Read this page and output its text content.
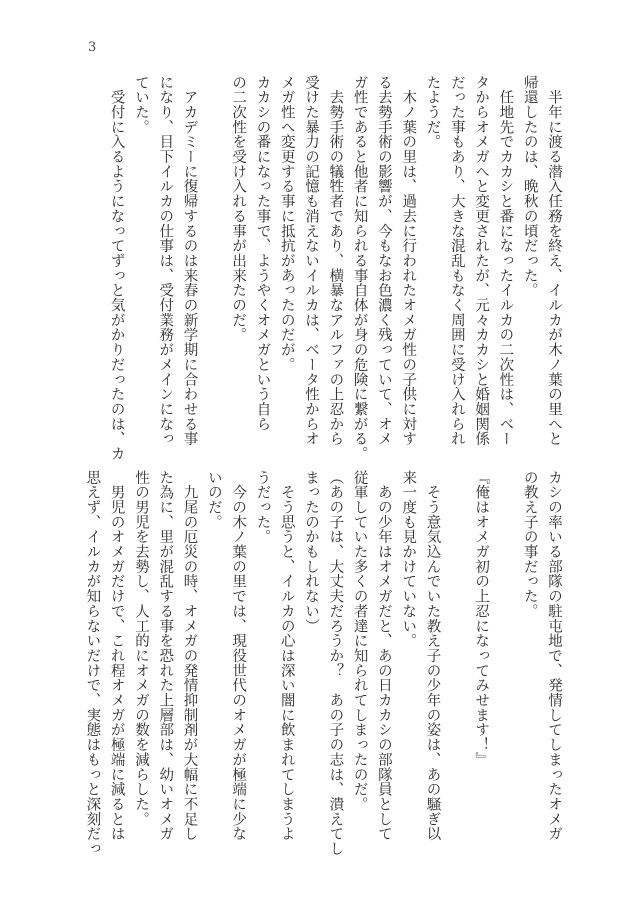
3
　半年に渡る潜入任務を終え、イルカが木ノ葉の里へと
帰還したのは、晩秋の頃だった。
　任地先でカカシと番になったイルカの二次性は、ベー
タからオメガへと変更されたが、元々カカシと婚姻関係
だった事もあり、大きな混乱もなく周囲に受け入れられ
たようだ。
　木ノ葉の里は、過去に行われたオメガ性の子供に対す
る去勢手術の影響が、今もなお色濃く残っていて、オメ
ガ性であると他者に知られる事自体が身の危険に繋がる。
　去勢手術の犠牲者であり、横暴なアルファの上忍から
受けた暴力の記憶も消えないイルカは、ベータ性からオ
メガ性へ変更する事に抵抗があったのだが。
カカシの番になった事で、ようやくオメガという自ら
の二次性を受け入れる事が出来たのだ。

　アカデミーに復帰するのは来春の新学期に合わせる事
になり、目下イルカの仕事は、受付業務がメインになっ
ていた。
　受付に入るようになってずっと気がかりだったのは、カ
カシの率いる部隊の駐屯地で、発情してしまったオメガ
の教え子の事だった。

『俺はオメガ初の上忍になってみせます！』

　そう意気込んでいた教え子の少年の姿は、あの騒ぎ以
来一度も見かけていない。
　あの少年はオメガだと、あの日カカシの部隊員として
従軍していた多くの者達に知られてしまったのだ。
（あの子は、大丈夫だろうか？　あの子の志は、潰えてし
まったのかもしれない）
　そう思うと、イルカの心は深い闇に飲まれてしまうよ
うだった。
　今の木ノ葉の里では、現役世代のオメガが極端に少な
いのだ。
　九尾の厄災の時、オメガの発情抑制剤が大幅に不足し
た為に、里が混乱する事を恐れた上層部は、幼いオメガ
性の男児を去勢し、人工的にオメガの数を減らした。
　男児のオメガだけで、これ程オメガが極端に減るとは
思えず、イルカが知らないだけで、実態はもっと深刻だっ
